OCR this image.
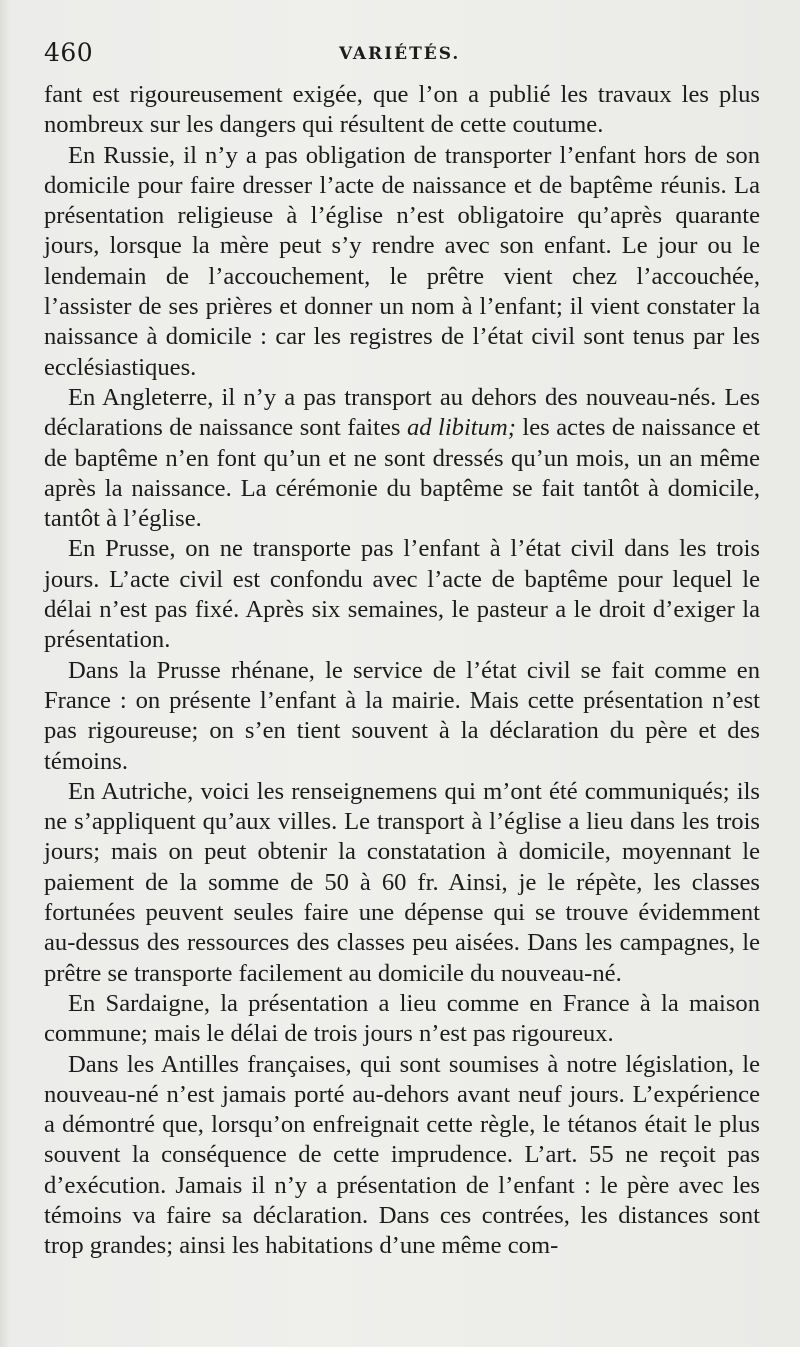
460	VARIÉTÉS.

fant est rigoureusement exigée, que l’on a publié les travaux les plus nombreux sur les dangers qui résultent de cette coutume.

En Russie, il n’y a pas obligation de transporter l’enfant hors de son domicile pour faire dresser l’acte de naissance et de baptême réunis. La présentation religieuse à l’église n’est obligatoire qu’après quarante jours, lorsque la mère peut s’y rendre avec son enfant. Le jour ou le lendemain de l’accouchement, le prêtre vient chez l’accouchée, l’assister de ses prières et donner un nom à l’enfant; il vient constater la naissance à domicile : car les registres de l’état civil sont tenus par les ecclésiastiques.

En Angleterre, il n’y a pas transport au dehors des nouveau-nés. Les déclarations de naissance sont faites ad libitum; les actes de naissance et de baptême n’en font qu’un et ne sont dressés qu’un mois, un an même après la naissance. La cérémonie du baptême se fait tantôt à domicile, tantôt à l’église.

En Prusse, on ne transporte pas l’enfant à l’état civil dans les trois jours. L’acte civil est confondu avec l’acte de baptême pour lequel le délai n’est pas fixé. Après six semaines, le pasteur a le droit d’exiger la présentation.

Dans la Prusse rhénane, le service de l’état civil se fait comme en France : on présente l’enfant à la mairie. Mais cette présentation n’est pas rigoureuse; on s’en tient souvent à la déclaration du père et des témoins.

En Autriche, voici les renseignemens qui m’ont été communiqués; ils ne s’appliquent qu’aux villes. Le transport à l’église a lieu dans les trois jours; mais on peut obtenir la constatation à domicile, moyennant le paiement de la somme de 50 à 60 fr. Ainsi, je le répète, les classes fortunées peuvent seules faire une dépense qui se trouve évidemment au-dessus des ressources des classes peu aisées. Dans les campagnes, le prêtre se transporte facilement au domicile du nouveau-né.

En Sardaigne, la présentation a lieu comme en France à la maison commune; mais le délai de trois jours n’est pas rigoureux.

Dans les Antilles françaises, qui sont soumises à notre législation, le nouveau-né n’est jamais porté au-dehors avant neuf jours. L’expérience a démontré que, lorsqu’on enfreignait cette règle, le tétanos était le plus souvent la conséquence de cette imprudence. L’art. 55 ne reçoit pas d’exécution. Jamais il n’y a présentation de l’enfant : le père avec les témoins va faire sa déclaration. Dans ces contrées, les distances sont trop grandes; ainsi les habitations d’une même com-
